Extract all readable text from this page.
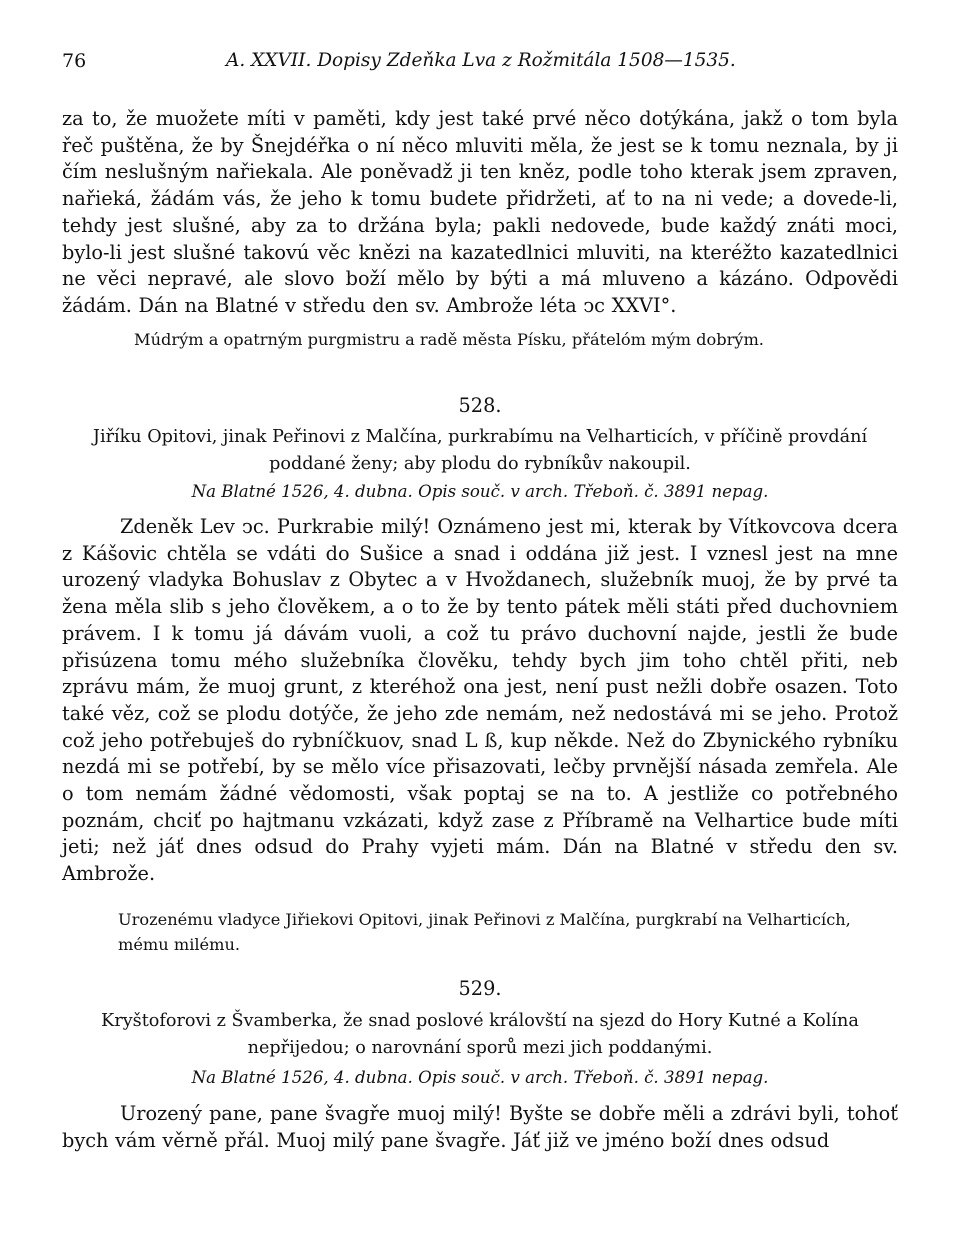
76	A. XXVII. Dopisy Zdeňka Lva z Rožmitála 1508—1535.

za to, že muožete míti v paměti, kdy jest také prvé něco dotýkána, jakž o tom byla řeč puštěna, že by Šnejdéřka o ní něco mluviti měla, že jest se k tomu neznala, by ji čím neslušným nařiekala. Ale poněvadž ji ten kněz, podle toho kterak jsem zpraven, nařieká, žádám vás, že jeho k tomu budete přidržeti, ať to na ni vede; a dovede-li, tehdy jest slušné, aby za to držána byla; pakli nedovede, bude každý znáti moci, bylo-li jest slušné takovú věc knězi na kazatedlnici mluviti, na kteréžto kazatedlnici ne věci nepravé, ale slovo boží mělo by býti a má mluveno a kázáno. Odpovědi žádám. Dán na Blatné v středu den sv. Ambrože léta ↄc XXVI°.

Múdrým a opatrným purgmistru a radě města Písku, přátelóm mým dobrým.

528.

Jiříku Opitovi, jinak Peřinovi z Malčína, purkrabímu na Velharticích, v příčině provdání poddané ženy; aby plodu do rybníkův nakoupil.

Na Blatné 1526, 4. dubna. Opis souč. v arch. Třeboň. č. 3891 nepag.

Zdeněk Lev ↄc. Purkrabie milý! Oznámeno jest mi, kterak by Vítkovcova dcera z Kášovic chtěla se vdáti do Sušice a snad i oddána již jest. I vznesl jest na mne urozený vladyka Bohuslav z Obytec a v Hvoždanech, služebník muoj, že by prvé ta žena měla slib s jeho člověkem, a o to že by tento pátek měli státi před duchovniem právem. I k tomu já dávám vuoli, a což tu právo duchovní najde, jestli že bude přisúzena tomu mého služebníka člověku, tehdy bych jim toho chtěl přiti, neb zprávu mám, že muoj grunt, z kteréhož ona jest, není pust nežli dobře osazen. Toto také věz, což se plodu dotýče, že jeho zde nemám, než nedostává mi se jeho. Protož což jeho potřebuješ do rybníčkuov, snad L ß, kup někde. Než do Zbynického rybníku nezdá mi se potřebí, by se mělo více přisazovati, lečby prvnější násada zemřela. Ale o tom nemám žádné vědomosti, však poptaj se na to. A jestliže co potřebného poznám, chciť po hajtmanu vzkázati, když zase z Příbramě na Velhartice bude míti jeti; než jáť dnes odsud do Prahy vyjeti mám. Dán na Blatné v středu den sv. Ambrože.

Urozenému vladyce Jiřiekovi Opitovi, jinak Peřinovi z Malčína, purgkrabí na Velharticích, mému milému.

529.

Kryštoforovi z Švamberka, že snad poslové královští na sjezd do Hory Kutné a Kolína nepřijedou; o narovnání sporů mezi jich poddanými.

Na Blatné 1526, 4. dubna. Opis souč. v arch. Třeboň. č. 3891 nepag.

Urozený pane, pane švagře muoj milý! Byšte se dobře měli a zdrávi byli, tohoť bych vám věrně přál. Muoj milý pane švagře. Jáť již ve jméno boží dnes odsud
